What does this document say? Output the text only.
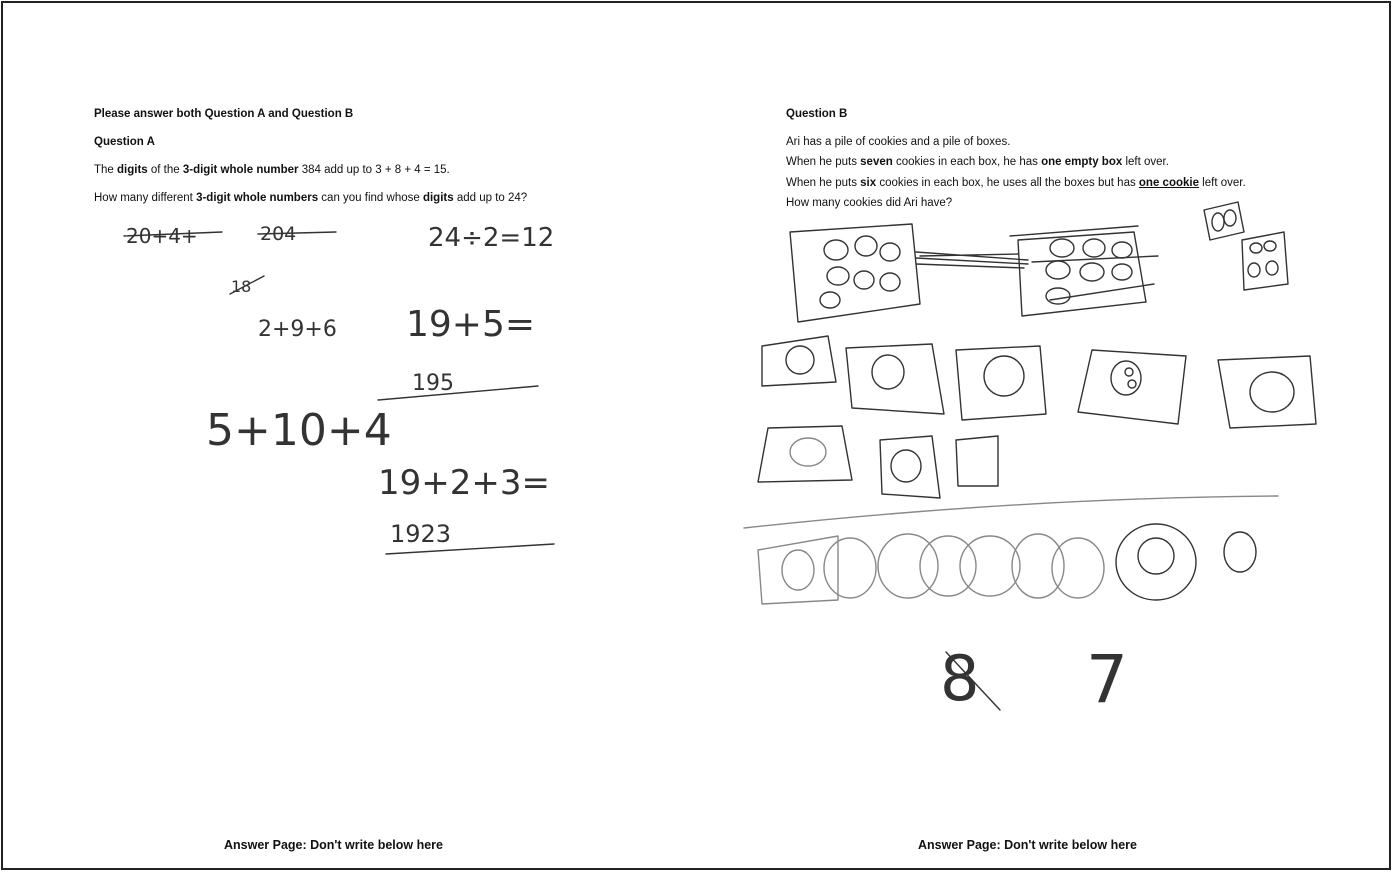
Please answer both Question A and Question B
Question A
The digits of the 3-digit whole number 384 add up to 3 + 8 + 4 = 15.
How many different 3-digit whole numbers can you find whose digits add up to 24?
20+4+	204	24÷2=12
18
2+9+6 19+5=
195
5+10+4
19+2+3=
1923
Answer Page: Don't write below here
Question B
Ari has a pile of cookies and a pile of boxes.
When he puts seven cookies in each box, he has one empty box left over.
When he puts six cookies in each box, he uses all the boxes but has one cookie left over.
How many cookies did Ari have?
8 7
Answer Page: Don't write below here
